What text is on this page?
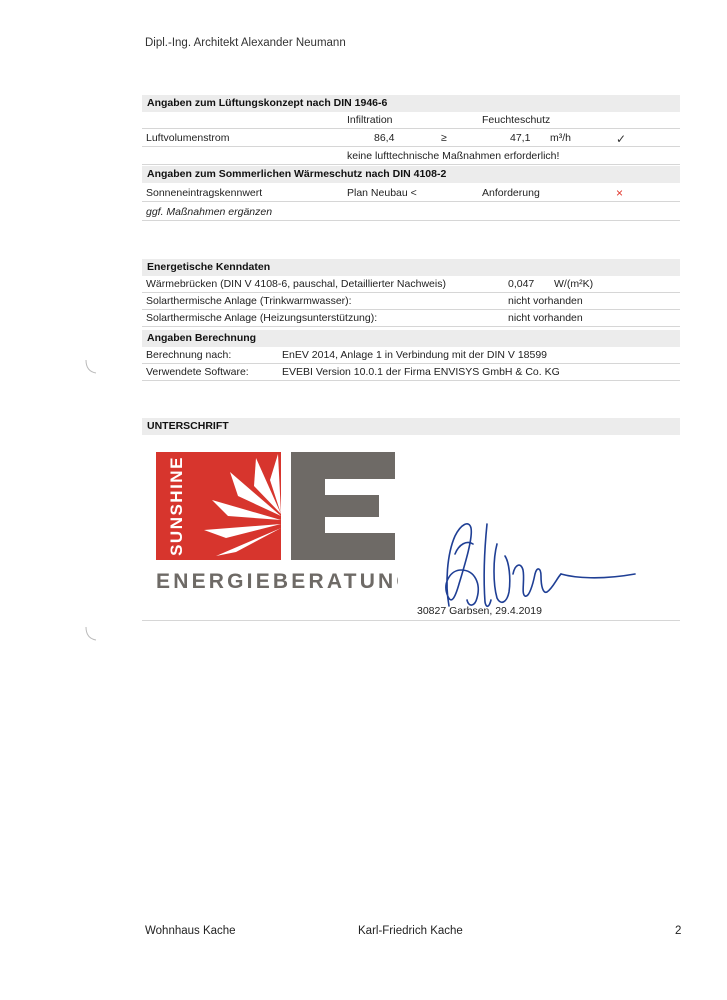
Dipl.-Ing. Architekt Alexander Neumann
Angaben zum Lüftungskonzept nach DIN 1946-6
Infiltration	Feuchteschutz
Luftvolumenstrom	86,4	≥	47,1 m³/h	✓
keine lufttechnische Maßnahmen erforderlich!
Angaben zum Sommerlichen Wärmeschutz nach DIN 4108-2
Sonneneintragskennwert	Plan Neubau <	Anforderung	×
ggf. Maßnahmen ergänzen
Energetische Kenndaten
Wärmebrücken (DIN V 4108-6, pauschal, Detaillierter Nachweis)	0,047 W/(m²K)
Solarthermische Anlage (Trinkwarmwasser):	nicht vorhanden
Solarthermische Anlage (Heizungsunterstützung):	nicht vorhanden
Angaben Berechnung
Berechnung nach:	EnEV 2014, Anlage 1 in Verbindung mit der DIN V 18599
Verwendete Software:	EVEBI Version 10.0.1 der Firma ENVISYS GmbH & Co. KG
UNTERSCHRIFT
SUNSHINE
ENERGIEBERATUNG
30827 Garbsen, 29.4.2019
Wohnhaus Kache	Karl-Friedrich Kache	2
